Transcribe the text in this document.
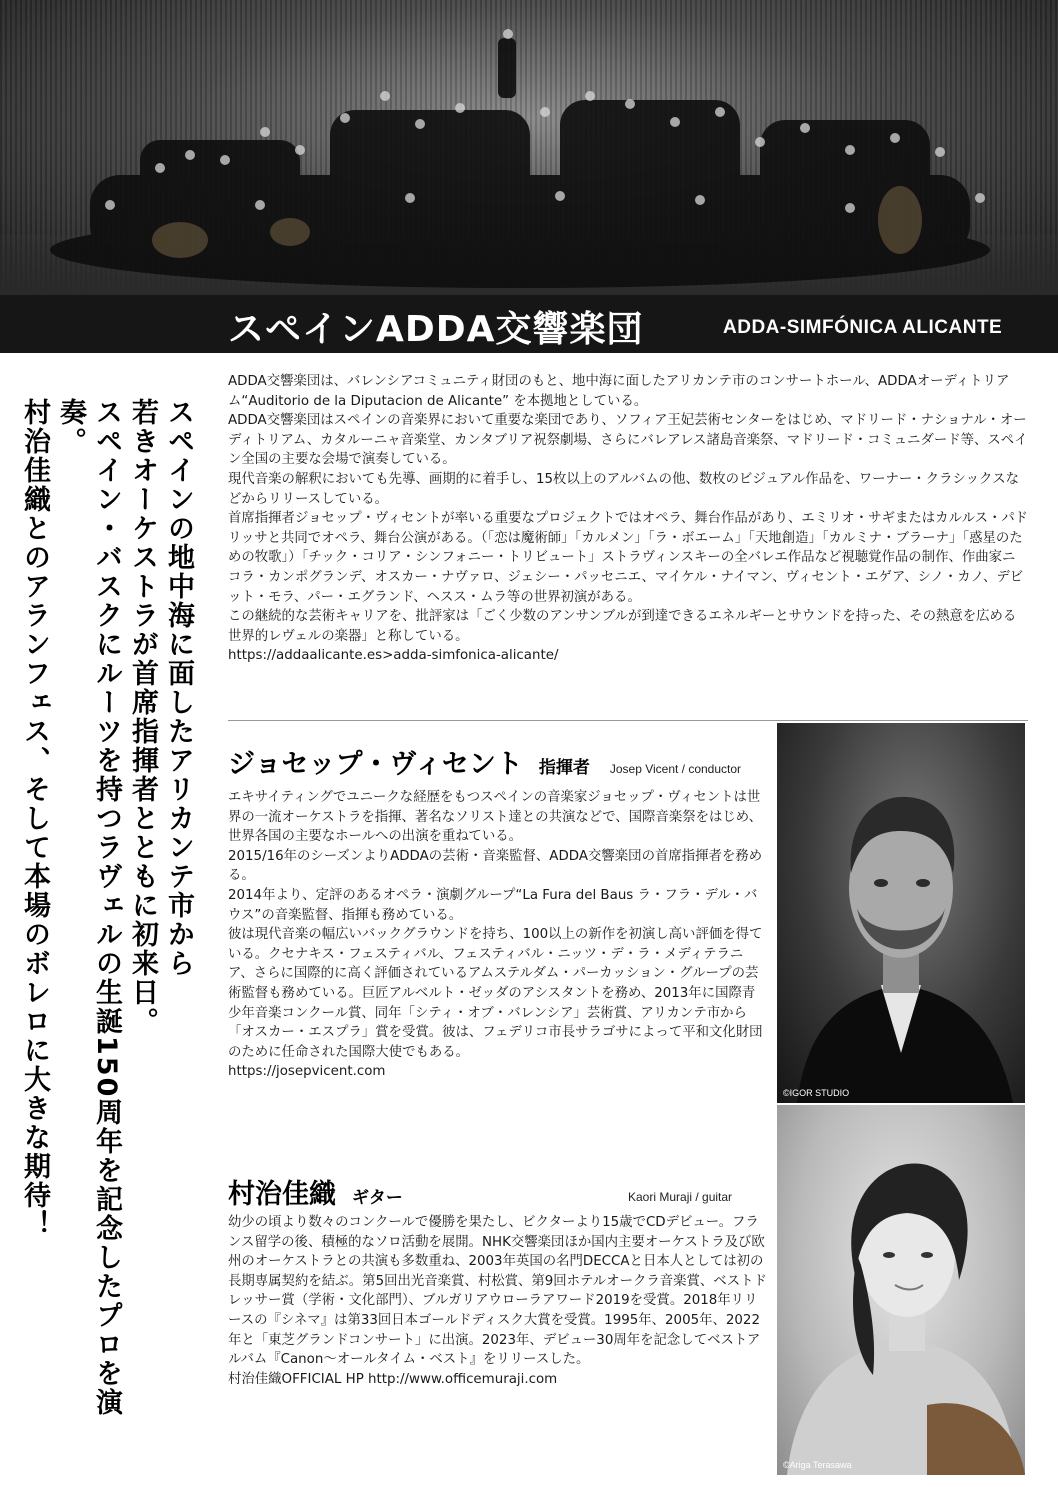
スペインADDA交響楽団	ADDA-SIMFÓNICA ALICANTE
スペインの地中海に面したアリカンテ市から
若きオーケストラが首席指揮者とともに初来日。
スペイン・バスクにルーツを持つラヴェルの生誕150周年を記念したプロを演奏。
村治佳織とのアランフェス、そして本場のボレロに大きな期待！

ADDA交響楽団は、バレンシアコミュニティ財団のもと、地中海に面したアリカンテ市のコンサートホール、ADDAオーディトリアム“Auditorio de la Diputacion de Alicante” を本拠地としている。

ADDA交響楽団はスペインの音楽界において重要な楽団であり、ソフィア王妃芸術センターをはじめ、マドリード・ナショナル・オーディトリアム、カタルーニャ音楽堂、カンタブリア祝祭劇場、さらにバレアレス諸島音楽祭、マドリード・コミュニダード等、スペイン全国の主要な会場で演奏している。

現代音楽の解釈においても先導、画期的に着手し、15枚以上のアルバムの他、数枚のビジュアル作品を、ワーナー・クラシックスなどからリリースしている。

首席指揮者ジョセップ・ヴィセントが率いる重要なプロジェクトではオペラ、舞台作品があり、エミリオ・サギまたはカルルス・パドリッサと共同でオペラ、舞台公演がある。（「恋は魔術師」「カルメン」「ラ・ボエーム」「天地創造」「カルミナ・ブラーナ」「惑星のための牧歌」）「チック・コリア・シンフォニー・トリビュート」ストラヴィンスキーの全バレエ作品など視聴覚作品の制作、作曲家ニコラ・カンポグランデ、オスカー・ナヴァロ、ジェシー・パッセニエ、マイケル・ナイマン、ヴィセント・エゲア、シノ・カノ、デビット・モラ、パー・エグランド、ヘスス・ムラ等の世界初演がある。

この継続的な芸術キャリアを、批評家は「ごく少数のアンサンブルが到達できるエネルギーとサウンドを持った、その熱意を広める世界的レヴェルの楽器」と称している。

https://addaalicante.es>adda-simfonica-alicante/

ジョセップ・ヴィセント 指揮者 Josep Vicent / conductor

エキサイティングでユニークな経歴をもつスペインの音楽家ジョセップ・ヴィセントは世界の一流オーケストラを指揮、著名なソリスト達との共演などで、国際音楽祭をはじめ、世界各国の主要なホールへの出演を重ねている。

2015/16年のシーズンよりADDAの芸術・音楽監督、ADDA交響楽団の首席指揮者を務める。

2014年より、定評のあるオペラ・演劇グループ“La Fura del Baus ラ・フラ・デル・バウス”の音楽監督、指揮も務めている。

彼は現代音楽の幅広いバックグラウンドを持ち、100以上の新作を初演し高い評価を得ている。クセナキス・フェスティバル、フェスティバル・ニッツ・デ・ラ・メディテラニア、さらに国際的に高く評価されているアムステルダム・パーカッション・グループの芸術監督も務めている。巨匠アルベルト・ゼッダのアシスタントを務め、2013年に国際青少年音楽コンクール賞、同年「シティ・オブ・バレンシア」芸術賞、アリカンテ市から「オスカー・エスプラ」賞を受賞。彼は、フェデリコ市長サラゴサによって平和文化財団のために任命された国際大使でもある。

https://josepvicent.com

©IGOR STUDIO
村治佳織 ギター	Kaori Muraji / guitar

幼少の頃より数々のコンクールで優勝を果たし、ビクターより15歳でCDデビュー。フランス留学の後、積極的なソロ活動を展開。NHK交響楽団ほか国内主要オーケストラ及び欧州のオーケストラとの共演も多数重ね、2003年英国の名門DECCAと日本人としては初の長期専属契約を結ぶ。第5回出光音楽賞、村松賞、第9回ホテルオークラ音楽賞、ベストドレッサー賞（学術・文化部門）、ブルガリアウローラアワード2019を受賞。2018年リリースの『シネマ』は第33回日本ゴールドディスク大賞を受賞。1995年、2005年、2022年と「東芝グランドコンサート」に出演。2023年、デビュー30周年を記念してベストアルバム『Canon〜オールタイム・ベスト』をリリースした。

村治佳織OFFICIAL HP http://www.officemuraji.com

©Ariga Terasawa
